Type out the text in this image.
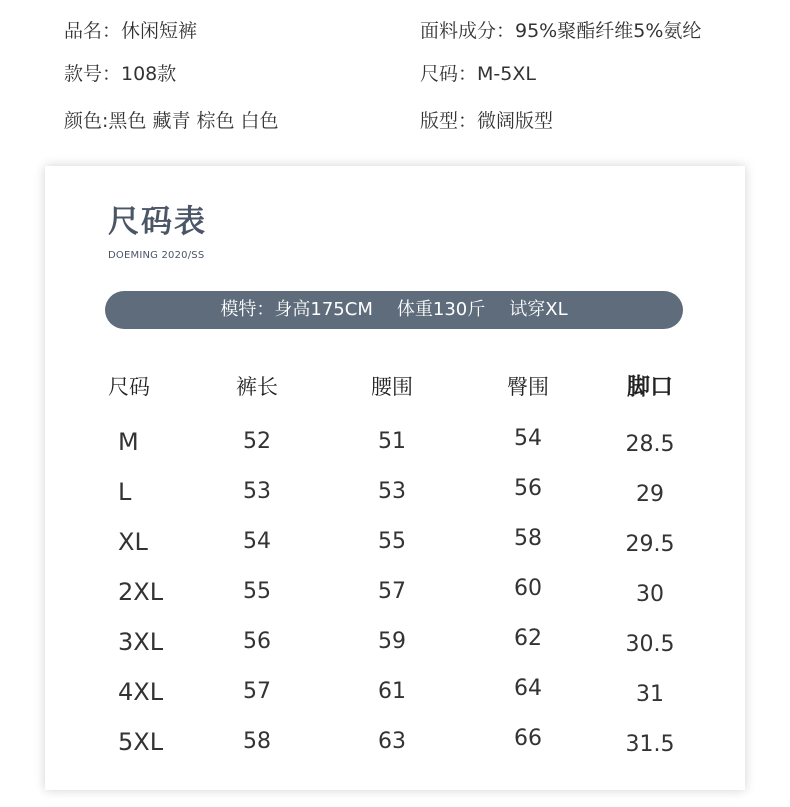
品名：休闲短裤	面料成分：95%聚酯纤维5%氨纶
款号：108款	尺码：M-5XL
颜色:黑色 藏青 棕色 白色	版型：微阔版型
尺码表
DOEMING 2020/SS
模特：身高175CM 体重130斤 试穿XL
尺码	裤长	腰围	臀围	脚口
M	52	51	54	28.5
L	53	53	56	29
XL	54	55	58	29.5
2XL	55	57	60	30
3XL	56	59	62	30.5
4XL	57	61	64	31
5XL	58	63	66	31.5
